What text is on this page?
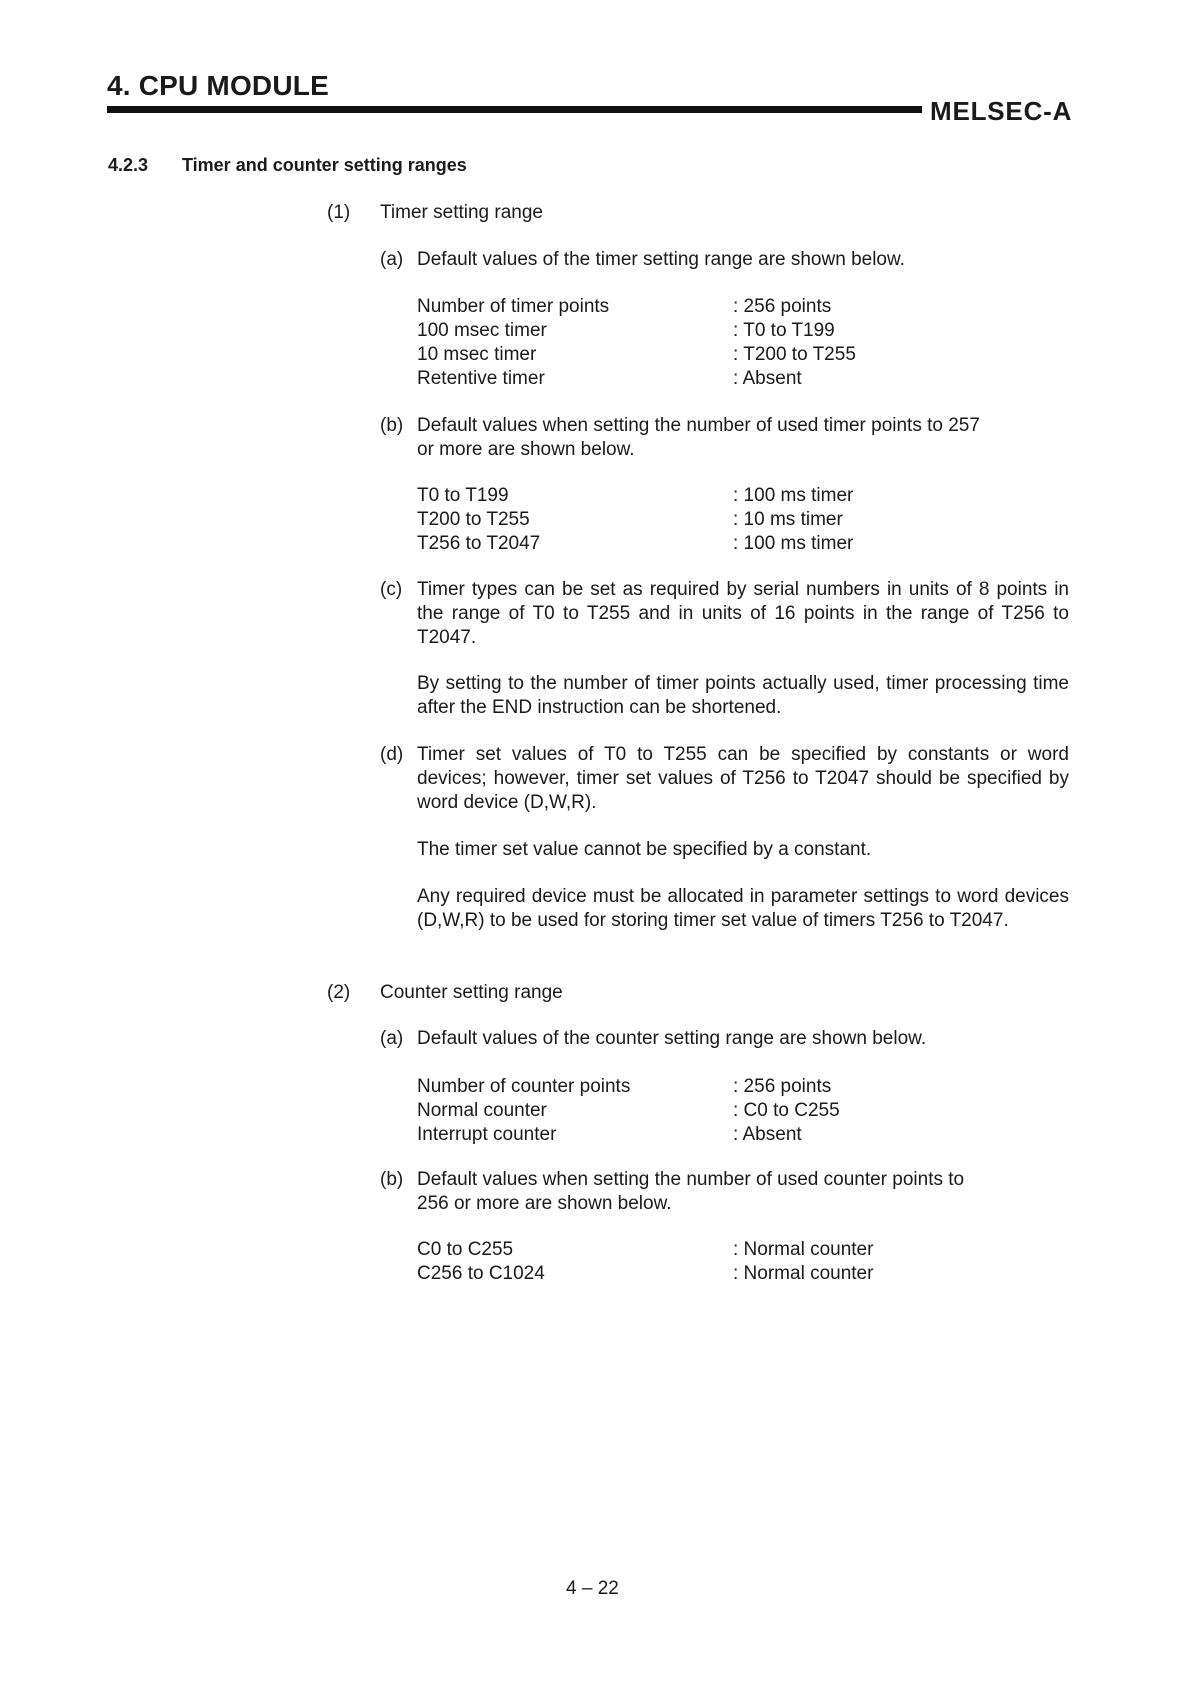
4. CPU MODULE
MELSEC-A
4.2.3 Timer and counter setting ranges
(1) Timer setting range
(a) Default values of the timer setting range are shown below.
Number of timer points	: 256 points
100 msec timer	: T0 to T199
10 msec timer	: T200 to T255
Retentive timer	: Absent
(b) Default values when setting the number of used timer points to 257
or more are shown below.
T0 to T199	: 100 ms timer
T200 to T255	: 10 ms timer
T256 to T2047	: 100 ms timer
(c) Timer types can be set as required by serial numbers in units of 8 points in the range of T0 to T255 and in units of 16 points in the range of T256 to T2047.
By setting to the number of timer points actually used, timer processing time after the END instruction can be shortened.
(d) Timer set values of T0 to T255 can be specified by constants or word devices; however, timer set values of T256 to T2047 should be specified by word device (D,W,R).
The timer set value cannot be specified by a constant.
Any required device must be allocated in parameter settings to word devices (D,W,R) to be used for storing timer set value of timers T256 to T2047.
(2) Counter setting range
(a) Default values of the counter setting range are shown below.
Number of counter points	: 256 points
Normal counter	: C0 to C255
Interrupt counter	: Absent
(b) Default values when setting the number of used counter points to
256 or more are shown below.
C0 to C255	: Normal counter
C256 to C1024	: Normal counter
4 – 22
